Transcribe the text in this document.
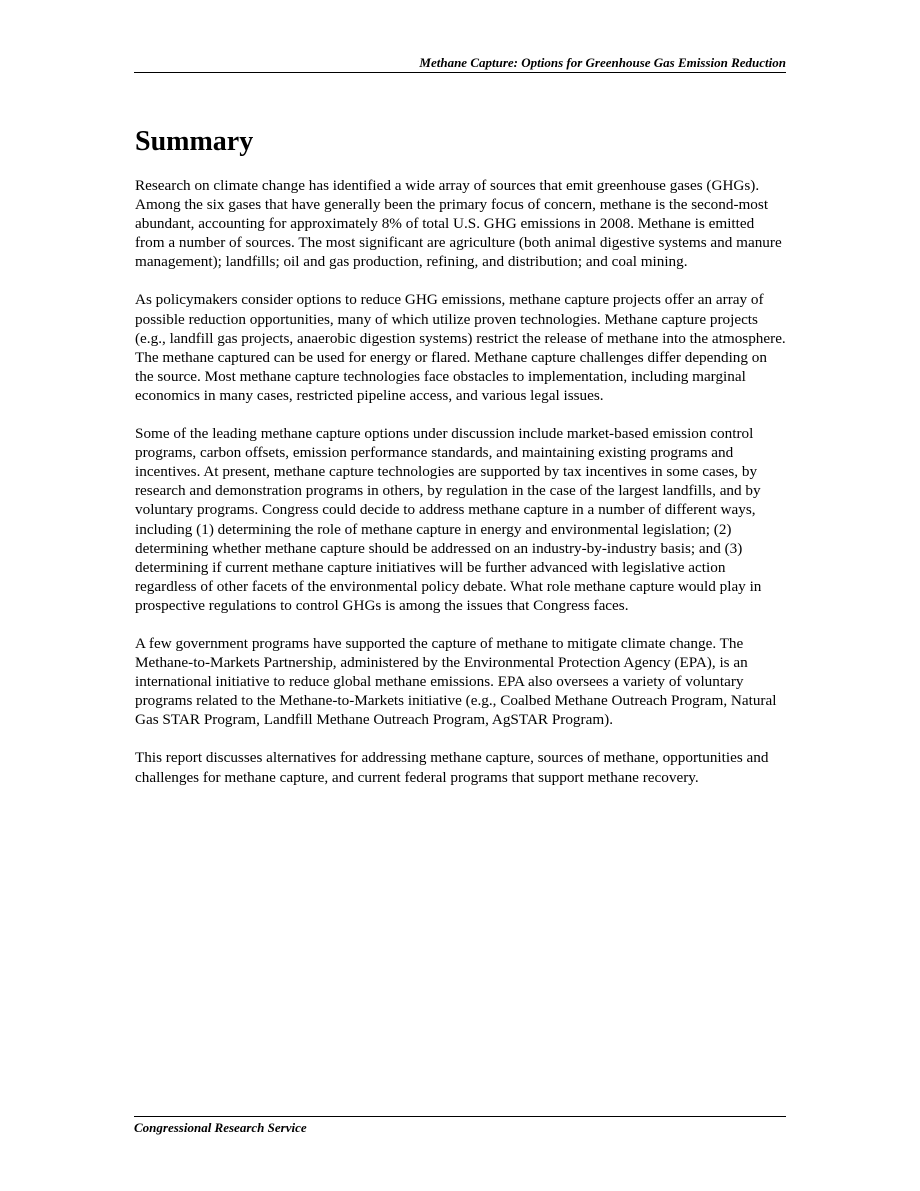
Methane Capture: Options for Greenhouse Gas Emission Reduction
Summary

Research on climate change has identified a wide array of sources that emit greenhouse gases (GHGs). Among the six gases that have generally been the primary focus of concern, methane is the second-most abundant, accounting for approximately 8% of total U.S. GHG emissions in 2008. Methane is emitted from a number of sources. The most significant are agriculture (both animal digestive systems and manure management); landfills; oil and gas production, refining, and distribution; and coal mining.

As policymakers consider options to reduce GHG emissions, methane capture projects offer an array of possible reduction opportunities, many of which utilize proven technologies. Methane capture projects (e.g., landfill gas projects, anaerobic digestion systems) restrict the release of methane into the atmosphere. The methane captured can be used for energy or flared. Methane capture challenges differ depending on the source. Most methane capture technologies face obstacles to implementation, including marginal economics in many cases, restricted pipeline access, and various legal issues.

Some of the leading methane capture options under discussion include market-based emission control programs, carbon offsets, emission performance standards, and maintaining existing programs and incentives. At present, methane capture technologies are supported by tax incentives in some cases, by research and demonstration programs in others, by regulation in the case of the largest landfills, and by voluntary programs. Congress could decide to address methane capture in a number of different ways, including (1) determining the role of methane capture in energy and environmental legislation; (2) determining whether methane capture should be addressed on an industry-by-industry basis; and (3) determining if current methane capture initiatives will be further advanced with legislative action regardless of other facets of the environmental policy debate. What role methane capture would play in prospective regulations to control GHGs is among the issues that Congress faces.

A few government programs have supported the capture of methane to mitigate climate change. The Methane-to-Markets Partnership, administered by the Environmental Protection Agency (EPA), is an international initiative to reduce global methane emissions. EPA also oversees a variety of voluntary programs related to the Methane-to-Markets initiative (e.g., Coalbed Methane Outreach Program, Natural Gas STAR Program, Landfill Methane Outreach Program, AgSTAR Program).

This report discusses alternatives for addressing methane capture, sources of methane, opportunities and challenges for methane capture, and current federal programs that support methane recovery.

Congressional Research Service
